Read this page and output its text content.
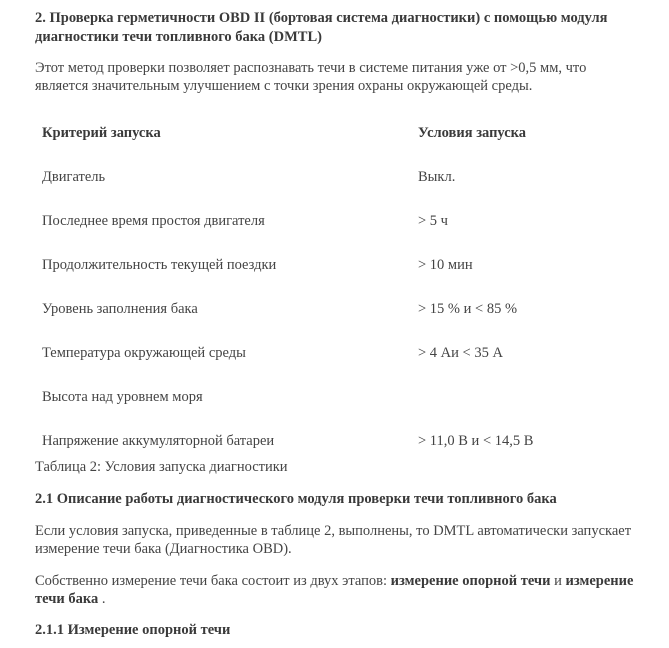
2. Проверка герметичности OBD II (бортовая система диагностики) с помощью модуля диагностики течи топливного бака (DMTL)
Этот метод проверки позволяет распознавать течи в системе питания уже от >0,5 мм, что является значительным улучшением с точки зрения охраны окружающей среды.
Критерий запуска	Условия запуска
Двигатель	Выкл.
Последнее время простоя двигателя	> 5 ч
Продолжительность текущей поездки	> 10 мин
Уровень заполнения бака	> 15 % и < 85 %
Температура окружающей среды	> 4 Аи < 35 А
Высота над уровнем моря	
Напряжение аккумуляторной батареи	> 11,0 В и < 14,5 В
Таблица 2: Условия запуска диагностики
2.1 Описание работы диагностического модуля проверки течи топливного бака
Если условия запуска, приведенные в таблице 2, выполнены, то DMTL автоматически запускает измерение течи бака (Диагностика OBD).
Собственно измерение течи бака состоит из двух этапов: измерение опорной течи и измерение течи бака .
2.1.1 Измерение опорной течи
